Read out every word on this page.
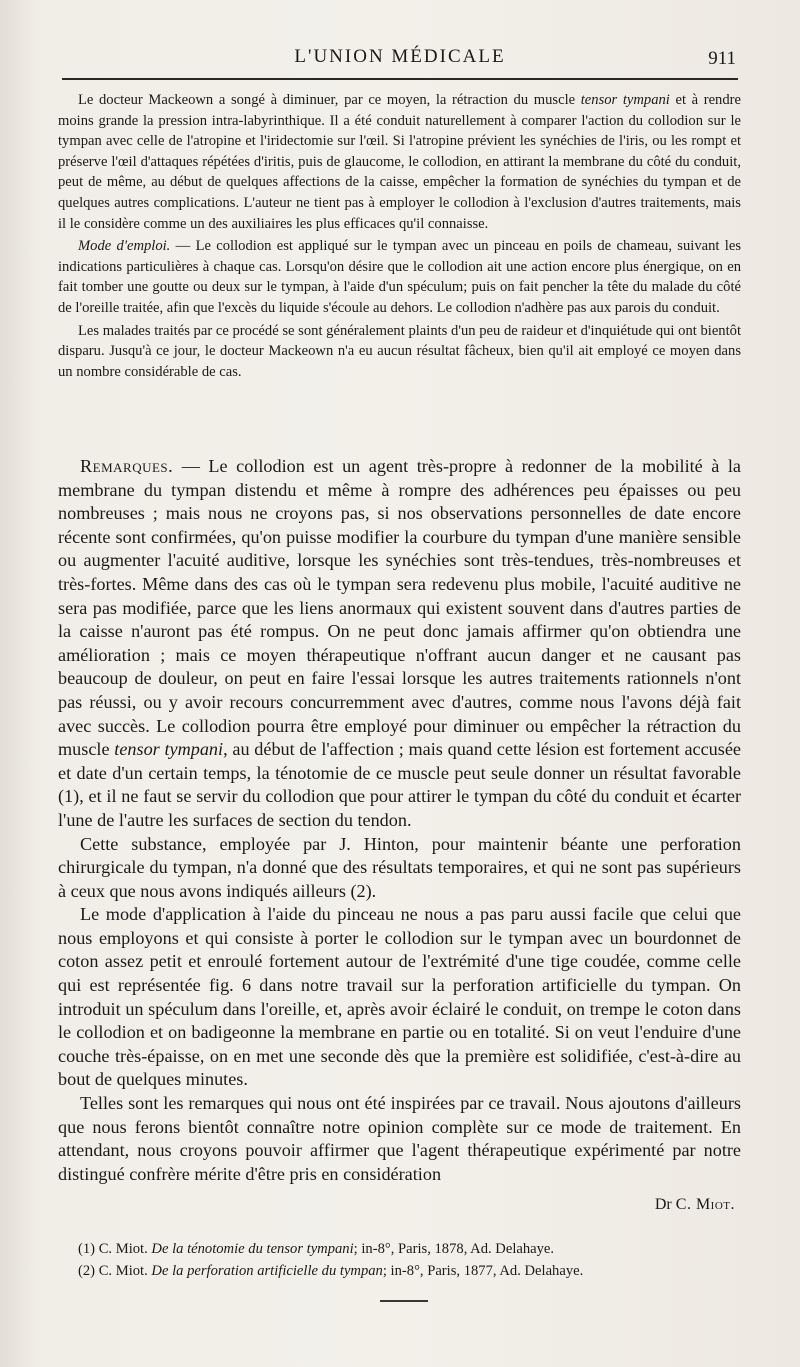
L'UNION MÉDICALE	911

Le docteur Mackeown a songé à diminuer, par ce moyen, la rétraction du muscle tensor tympani et à rendre moins grande la pression intra-labyrinthique. Il a été conduit naturellement à comparer l'action du collodion sur le tympan avec celle de l'atropine et l'iridectomie sur l'œil. Si l'atropine prévient les synéchies de l'iris, ou les rompt et préserve l'œil d'attaques répétées d'iritis, puis de glaucome, le collodion, en attirant la membrane du côté du conduit, peut de même, au début de quelques affections de la caisse, empêcher la formation de synéchies du tympan et de quelques autres complications. L'auteur ne tient pas à employer le collodion à l'exclusion d'autres traitements, mais il le considère comme un des auxiliaires les plus efficaces qu'il connaisse.

Mode d'emploi. — Le collodion est appliqué sur le tympan avec un pinceau en poils de chameau, suivant les indications particulières à chaque cas. Lorsqu'on désire que le collodion ait une action encore plus énergique, on en fait tomber une goutte ou deux sur le tympan, à l'aide d'un spéculum; puis on fait pencher la tête du malade du côté de l'oreille traitée, afin que l'excès du liquide s'écoule au dehors. Le collodion n'adhère pas aux parois du conduit.

Les malades traités par ce procédé se sont généralement plaints d'un peu de raideur et d'inquiétude qui ont bientôt disparu. Jusqu'à ce jour, le docteur Mackeown n'a eu aucun résultat fâcheux, bien qu'il ait employé ce moyen dans un nombre considérable de cas.

Remarques. — Le collodion est un agent très-propre à redonner de la mobilité à la membrane du tympan distendu et même à rompre des adhérences peu épaisses ou peu nombreuses ; mais nous ne croyons pas, si nos observations personnelles de date encore récente sont confirmées, qu'on puisse modifier la courbure du tympan d'une manière sensible ou augmenter l'acuité auditive, lorsque les synéchies sont très-tendues, très-nombreuses et très-fortes. Même dans des cas où le tympan sera redevenu plus mobile, l'acuité auditive ne sera pas modifiée, parce que les liens anormaux qui existent souvent dans d'autres parties de la caisse n'auront pas été rompus. On ne peut donc jamais affirmer qu'on obtiendra une amélioration ; mais ce moyen thérapeutique n'offrant aucun danger et ne causant pas beaucoup de douleur, on peut en faire l'essai lorsque les autres traitements rationnels n'ont pas réussi, ou y avoir recours concurremment avec d'autres, comme nous l'avons déjà fait avec succès. Le collodion pourra être employé pour diminuer ou empêcher la rétraction du muscle tensor tympani, au début de l'affection ; mais quand cette lésion est fortement accusée et date d'un certain temps, la ténotomie de ce muscle peut seule donner un résultat favorable (1), et il ne faut se servir du collodion que pour attirer le tympan du côté du conduit et écarter l'une de l'autre les surfaces de section du tendon.

Cette substance, employée par J. Hinton, pour maintenir béante une perforation chirurgicale du tympan, n'a donné que des résultats temporaires, et qui ne sont pas supérieurs à ceux que nous avons indiqués ailleurs (2).

Le mode d'application à l'aide du pinceau ne nous a pas paru aussi facile que celui que nous employons et qui consiste à porter le collodion sur le tympan avec un bourdonnet de coton assez petit et enroulé fortement autour de l'extrémité d'une tige coudée, comme celle qui est représentée fig. 6 dans notre travail sur la perforation artificielle du tympan. On introduit un spéculum dans l'oreille, et, après avoir éclairé le conduit, on trempe le coton dans le collodion et on badigeonne la membrane en partie ou en totalité. Si on veut l'enduire d'une couche très-épaisse, on en met une seconde dès que la première est solidifiée, c'est-à-dire au bout de quelques minutes.

Telles sont les remarques qui nous ont été inspirées par ce travail. Nous ajoutons d'ailleurs que nous ferons bientôt connaître notre opinion complète sur ce mode de traitement. En attendant, nous croyons pouvoir affirmer que l'agent thérapeutique expérimenté par notre distingué confrère mérite d'être pris en considération

Dr C. Miot.
(1) C. Miot. De la ténotomie du tensor tympani; in-8°, Paris, 1878, Ad. Delahaye.
(2) C. Miot. De la perforation artificielle du tympan; in-8°, Paris, 1877, Ad. Delahaye.
